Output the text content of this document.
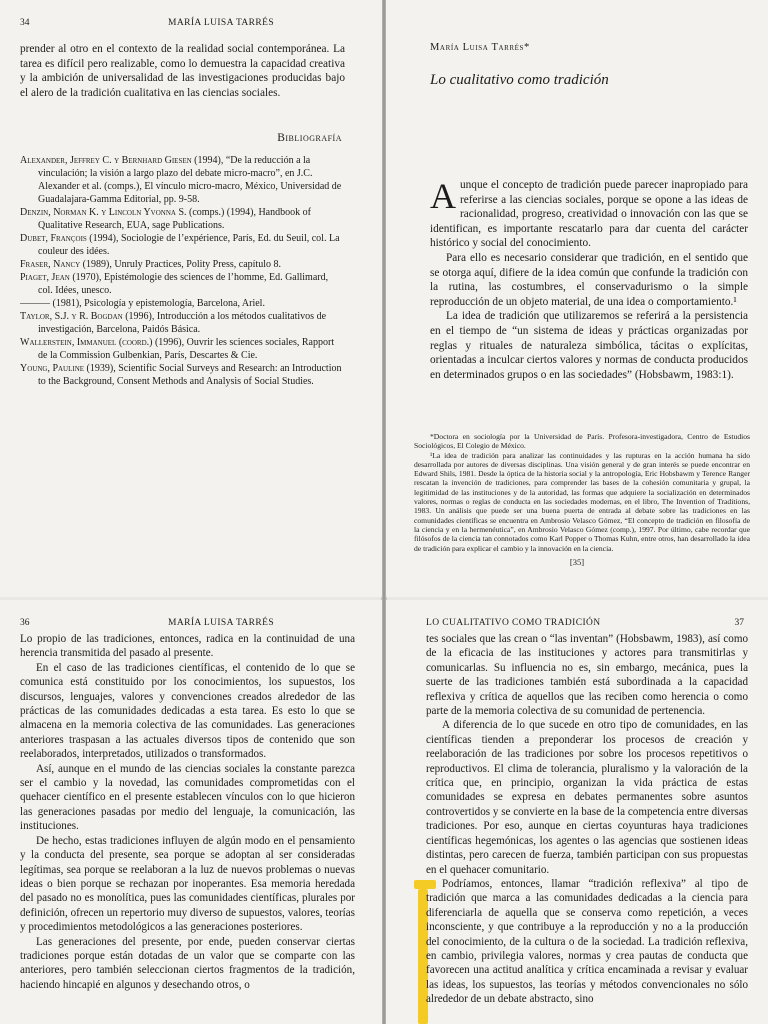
34	MARÍA LUISA TARRÉS

prender al otro en el contexto de la realidad social contemporánea. La tarea es difícil pero realizable, como lo demuestra la capacidad creativa y la ambición de universalidad de las investigaciones producidas bajo el alero de la tradición cualitativa en las ciencias sociales.

Bibliografía

Alexander, Jeffrey C. y Bernhard Giesen (1994), “De la reducción a la vinculación; la visión a largo plazo del debate micro-macro”, en J.C. Alexander et al. (comps.), El vínculo micro-macro, México, Universidad de Guadalajara-Gamma Editorial, pp. 9-58.

Denzin, Norman K. y Lincoln Yvonna S. (comps.) (1994), Handbook of Qualitative Research, EUA, sage Publications.

Dubet, François (1994), Sociologie de l’expérience, París, Ed. du Seuil, col. La couleur des idées.

Fraser, Nancy (1989), Unruly Practices, Polity Press, capítulo 8.

Piaget, Jean (1970), Epistémologie des sciences de l’homme, Ed. Gallimard, col. Idées, unesco.

——— (1981), Psicología y epistemología, Barcelona, Ariel.

Taylor, S.J. y R. Bogdan (1996), Introducción a los métodos cualitativos de investigación, Barcelona, Paidós Básica.

Wallerstein, Immanuel (coord.) (1996), Ouvrir les sciences sociales, Rapport de la Commission Gulbenkian, París, Descartes & Cie.

Young, Pauline (1939), Scientific Social Surveys and Research: an Introduction to the Background, Consent Methods and Analysis of Social Studies.

María Luisa Tarrés*
Lo cualitativo como tradición

Aunque el concepto de tradición puede parecer inapropiado para referirse a las ciencias sociales, porque se opone a las ideas de racionalidad, progreso, creatividad o innovación con las que se identifican, es importante rescatarlo para dar cuenta del carácter histórico y social del conocimiento.

Para ello es necesario considerar que tradición, en el sentido que se otorga aquí, difiere de la idea común que confunde la tradición con la rutina, las costumbres, el conservadurismo o la simple reproducción de un objeto material, de una idea o comportamiento.¹

La idea de tradición que utilizaremos se referirá a la persistencia en el tiempo de “un sistema de ideas y prácticas organizadas por reglas y rituales de naturaleza simbólica, tácitas o explícitas, orientadas a inculcar ciertos valores y normas de conducta producidos en determinados grupos o en las sociedades” (Hobsbawm, 1983:1).

*Doctora en sociología por la Universidad de París. Profesora-investigadora, Centro de Estudios Sociológicos, El Colegio de México.

¹La idea de tradición para analizar las continuidades y las rupturas en la acción humana ha sido desarrollada por autores de diversas disciplinas. Una visión general y de gran interés se puede encontrar en Edward Shils, 1981. Desde la óptica de la historia social y la antropología, Eric Hobsbawm y Terence Ranger rescatan la invención de tradiciones, para comprender las bases de la cohesión comunitaria y grupal, la legitimidad de las instituciones y de la autoridad, las formas que adquiere la socialización en determinados valores, normas o reglas de conducta en las sociedades modernas, en el libro, The Invention of Traditions, 1983. Un análisis que puede ser una buena puerta de entrada al debate sobre las tradiciones en las comunidades científicas se encuentra en Ambrosio Velasco Gómez, “El concepto de tradición en filosofía de la ciencia y en la hermenéutica”, en Ambrosio Velasco Gómez (comp.), 1997. Por último, cabe recordar que filósofos de la ciencia tan connotados como Karl Popper o Thomas Kuhn, entre otros, han desarrollado la idea de tradición para explicar el cambio y la innovación en la ciencia.

[35]
36	MARÍA LUISA TARRÉS

Lo propio de las tradiciones, entonces, radica en la continuidad de una herencia transmitida del pasado al presente.

En el caso de las tradiciones científicas, el contenido de lo que se comunica está constituido por los conocimientos, los supuestos, los discursos, lenguajes, valores y convenciones creados alrededor de las prácticas de las comunidades dedicadas a esta tarea. Es esto lo que se almacena en la memoria colectiva de las comunidades. Las generaciones anteriores traspasan a las actuales diversos tipos de contenido que son reelaborados, interpretados, utilizados o transformados.

Así, aunque en el mundo de las ciencias sociales la constante parezca ser el cambio y la novedad, las comunidades comprometidas con el quehacer científico en el presente establecen vínculos con lo que hicieron las generaciones pasadas por medio del lenguaje, la comunicación, las instituciones.

De hecho, estas tradiciones influyen de algún modo en el pensamiento y la conducta del presente, sea porque se adoptan al ser consideradas legítimas, sea porque se reelaboran a la luz de nuevos problemas o nuevas ideas o bien porque se rechazan por inoperantes. Esa memoria heredada del pasado no es monolítica, pues las comunidades científicas, plurales por definición, ofrecen un repertorio muy diverso de supuestos, valores, teorías y procedimientos metodológicos a las generaciones posteriores.

Las generaciones del presente, por ende, pueden conservar ciertas tradiciones porque están dotadas de un valor que se comparte con las anteriores, pero también seleccionan ciertos fragmentos de la tradición, haciendo hincapié en algunos y desechando otros, o

LO CUALITATIVO COMO TRADICIÓN	37

tes sociales que las crean o “las inventan” (Hobsbawm, 1983), así como de la eficacia de las instituciones y actores para transmitirlas y comunicarlas. Su influencia no es, sin embargo, mecánica, pues la suerte de las tradiciones también está subordinada a la capacidad reflexiva y crítica de aquellos que las reciben como herencia o como parte de la memoria colectiva de su comunidad de pertenencia.

A diferencia de lo que sucede en otro tipo de comunidades, en las científicas tienden a preponderar los procesos de creación y reelaboración de las tradiciones por sobre los procesos repetitivos o reproductivos. El clima de tolerancia, pluralismo y la valoración de la crítica que, en principio, organizan la vida práctica de estas comunidades se expresa en debates permanentes sobre asuntos controvertidos y se convierte en la base de la competencia entre diversas tradiciones. Por eso, aunque en ciertas coyunturas haya tradiciones científicas hegemónicas, los agentes o las agencias que sostienen ideas distintas, pero carecen de fuerza, también participan con sus propuestas en el quehacer comunitario.

Podríamos, entonces, llamar “tradición reflexiva” al tipo de tradición que marca a las comunidades dedicadas a la ciencia para diferenciarla de aquella que se conserva como repetición, a veces inconsciente, y que contribuye a la reproducción y no a la producción del conocimiento, de la cultura o de la sociedad. La tradición reflexiva, en cambio, privilegia valores, normas y crea pautas de conducta que favorecen una actitud analítica y crítica encaminada a revisar y evaluar las ideas, los supuestos, las teorías y métodos convencionales no sólo alrededor de un debate abstracto, sino
